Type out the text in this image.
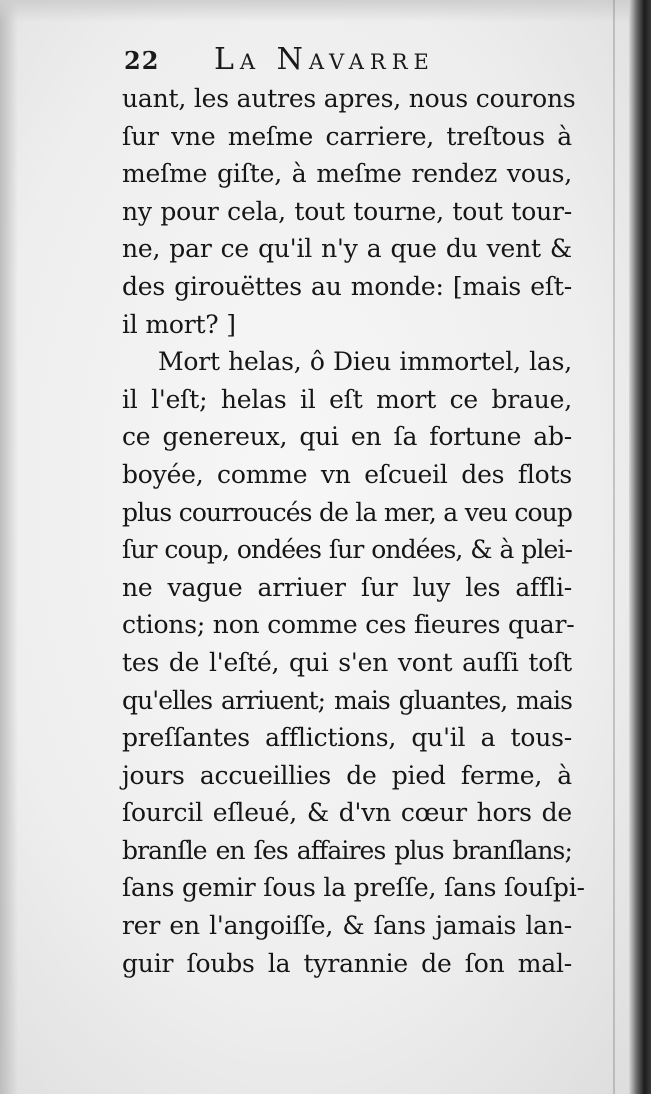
22 La Navarre
uant, les autres apres, nous courons
ſur vne meſme carriere, treſtous à
meſme giſte, à meſme rendez vous,
ny pour cela, tout tourne, tout tour-
ne, par ce qu'il n'y a que du vent &
des girouëttes au monde: [mais eſt-
il mort? ]
Mort helas, ô Dieu immortel, las,
il l'eſt; helas il eſt mort ce braue,
ce genereux, qui en ſa fortune ab-
boyée, comme vn eſcueil des flots
plus courroucés de la mer, a veu coup
ſur coup, ondées ſur ondées, & à plei-
ne vague arriuer ſur luy les affli-
ctions; non comme ces fieures quar-
tes de l'eſté, qui s'en vont auſſi toſt
qu'elles arriuent; mais gluantes, mais
preſſantes afflictions, qu'il a tous-
jours accueillies de pied ferme, à
ſourcil eſleué, & d'vn cœur hors de
branſle en ſes affaires plus branſlans;
ſans gemir ſous la preſſe, ſans ſouſpi-
rer en l'angoiſſe, & ſans jamais lan-
guir ſoubs la tyrannie de ſon mal-
